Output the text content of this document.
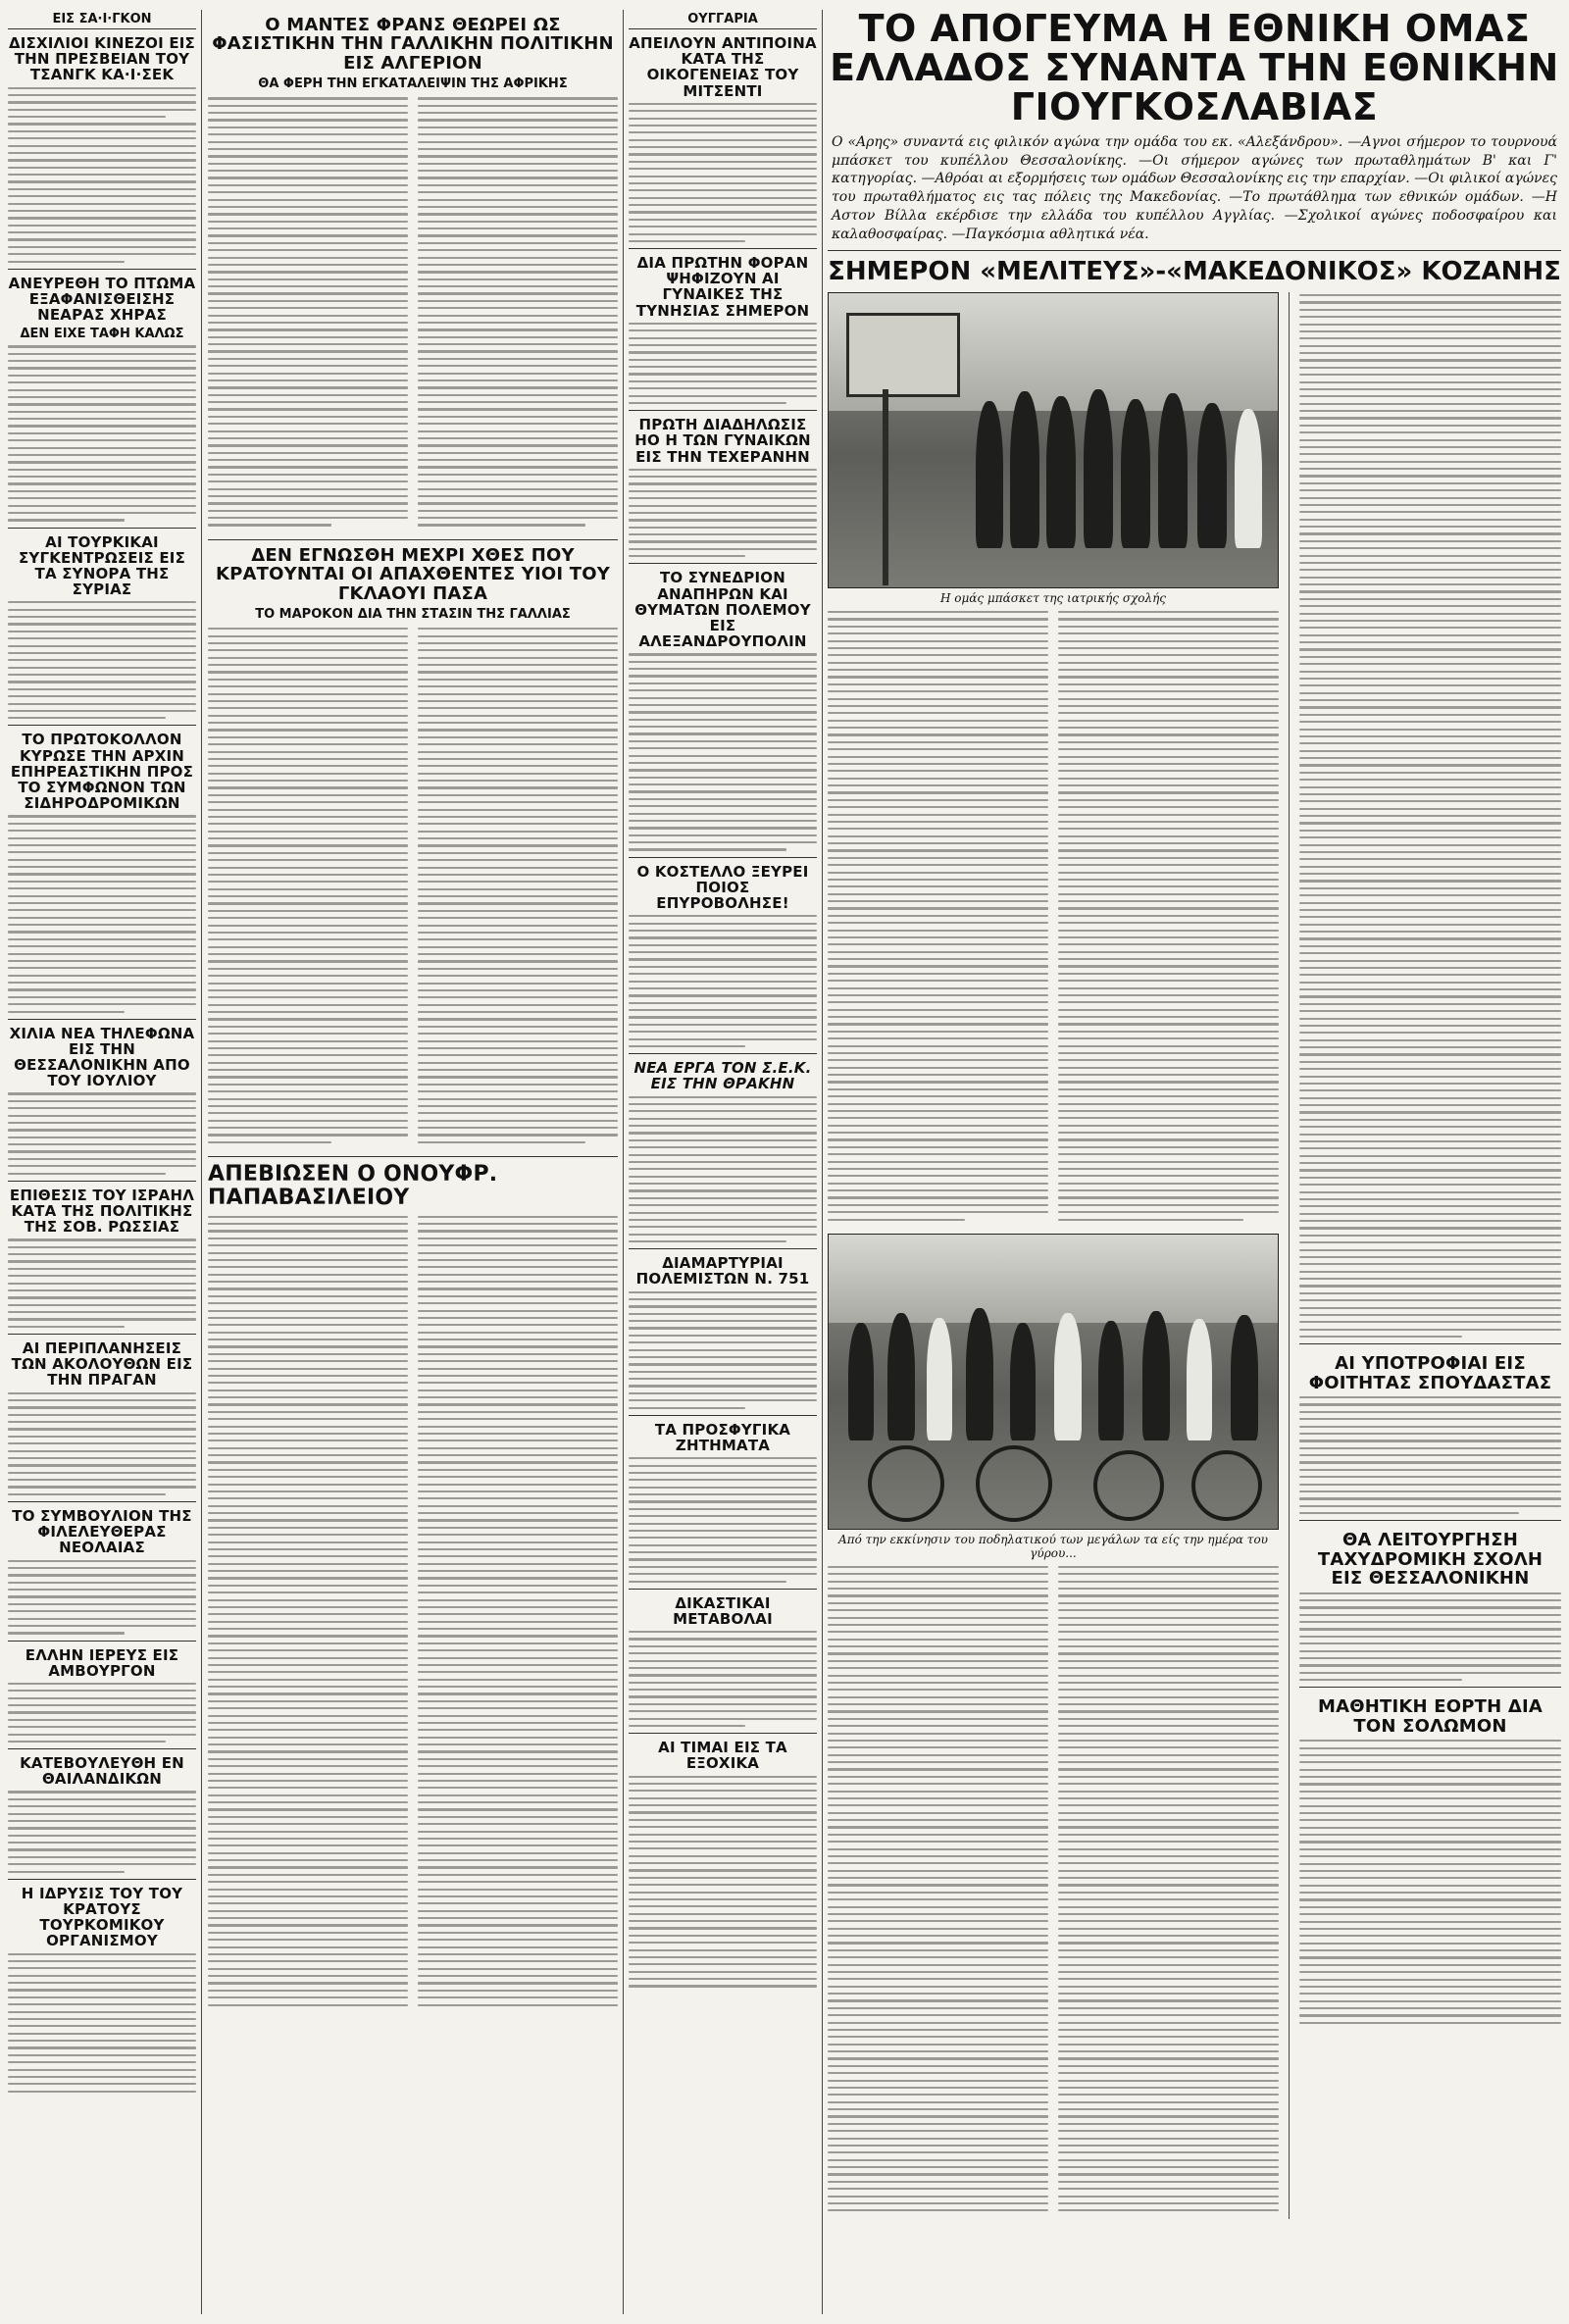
ΕΙΣ ΣΑ·Ι·ΓΚΟΝ
ΔΙΣΧΙΛΙΟΙ ΚΙΝΕΖΟΙ ΕΙΣ ΤΗΝ ΠΡΕΣΒΕΙΑΝ ΤΟΥ ΤΣΑΝΓΚ ΚΑ·Ι·ΣΕΚ
ΑΝΕΥΡΕΘΗ ΤΟ ΠΤΩΜΑ ΕΞΑΦΑΝΙΣΘΕΙΣΗΣ ΝΕΑΡΑΣ ΧΗΡΑΣ
ΔΕΝ ΕΙΧΕ ΤΑΦΗ ΚΑΛΩΣ
ΑΙ ΤΟΥΡΚΙΚΑΙ ΣΥΓΚΕΝΤΡΩΣΕΙΣ ΕΙΣ ΤΑ ΣΥΝΟΡΑ ΤΗΣ ΣΥΡΙΑΣ
ΤΟ ΠΡΩΤΟΚΟΛΛΟΝ ΚΥΡΩΣΕ ΤΗΝ ΑΡΧΙΝ ΕΠΗΡΕΑΣΤΙΚΗΝ ΠΡΟΣ ΤΟ ΣΥΜΦΩΝΟΝ ΤΩΝ ΣΙΔΗΡΟΔΡΟΜΙΚΩΝ
ΧΙΛΙΑ ΝΕΑ ΤΗΛΕΦΩΝΑ ΕΙΣ ΤΗΝ ΘΕΣΣΑΛΟΝΙΚΗΝ ΑΠΟ ΤΟΥ ΙΟΥΛΙΟΥ
ΕΠΙΘΕΣΙΣ ΤΟΥ ΙΣΡΑΗΛ ΚΑΤΑ ΤΗΣ ΠΟΛΙΤΙΚΗΣ ΤΗΣ ΣΟΒ. ΡΩΣΣΙΑΣ
ΑΙ ΠΕΡΙΠΛΑΝΗΣΕΙΣ ΤΩΝ ΑΚΟΛΟΥΘΩΝ ΕΙΣ ΤΗΝ ΠΡΑΓΑΝ
ΤΟ ΣΥΜΒΟΥΛΙΟΝ ΤΗΣ ΦΙΛΕΛΕΥΘΕΡΑΣ ΝΕΟΛΑΙΑΣ
ΕΛΛΗΝ ΙΕΡΕΥΣ ΕΙΣ ΑΜΒΟΥΡΓΟΝ
ΚΑΤΕΒΟΥΛΕΥΘΗ ΕΝ ΘΑΙΛΑΝΔΙΚΩΝ
Η ΙΔΡΥΣΙΣ ΤΟΥ ΤΟΥ ΚΡΑΤΟΥΣ ΤΟΥΡΚΟΜΙΚΟΥ ΟΡΓΑΝΙΣΜΟΥ
Ο ΜΑΝΤΕΣ ΦΡΑΝΣ ΘΕΩΡΕΙ ΩΣ ΦΑΣΙΣΤΙΚΗΝ ΤΗΝ ΓΑΛΛΙΚΗΝ ΠΟΛΙΤΙΚΗΝ ΕΙΣ ΑΛΓΕΡΙΟΝ
ΘΑ ΦΕΡΗ ΤΗΝ ΕΓΚΑΤΑΛΕΙΨΙΝ ΤΗΣ ΑΦΡΙΚΗΣ
ΔΕΝ ΕΓΝΩΣΘΗ ΜΕΧΡΙ ΧΘΕΣ ΠΟΥ ΚΡΑΤΟΥΝΤΑΙ ΟΙ ΑΠΑΧΘΕΝΤΕΣ ΥΙΟΙ ΤΟΥ ΓΚΛΑΟΥΙ ΠΑΣΑ
ΤΟ ΜΑΡΟΚΟΝ ΔΙΑ ΤΗΝ ΣΤΑΣΙΝ ΤΗΣ ΓΑΛΛΙΑΣ
ΑΠΕΒΙΩΣΕΝ Ο ΟΝΟΥΦΡ. ΠΑΠΑΒΑΣΙΛΕΙΟΥ
ΟΥΓΓΑΡΙΑ
ΑΠΕΙΛΟΥΝ ΑΝΤΙΠΟΙΝΑ ΚΑΤΑ ΤΗΣ ΟΙΚΟΓΕΝΕΙΑΣ ΤΟΥ ΜΙΤΣΕΝΤΙ
ΔΙΑ ΠΡΩΤΗΝ ΦΟΡΑΝ ΨΗΦΙΖΟΥΝ ΑΙ ΓΥΝΑΙΚΕΣ ΤΗΣ ΤΥΝΗΣΙΑΣ ΣΗΜΕΡΟΝ
ΠΡΩΤΗ ΔΙΑΔΗΛΩΣΙΣ ΗΟ Η ΤΩΝ ΓΥΝΑΙΚΩΝ ΕΙΣ ΤΗΝ ΤΕΧΕΡΑΝΗΝ
ΤΟ ΣΥΝΕΔΡΙΟΝ ΑΝΑΠΗΡΩΝ ΚΑΙ ΘΥΜΑΤΩΝ ΠΟΛΕΜΟΥ ΕΙΣ ΑΛΕΞΑΝΔΡΟΥΠΟΛΙΝ
Ο ΚΟΣΤΕΛΛΟ ΞΕΥΡΕΙ ΠΟΙΟΣ ΕΠΥΡΟΒΟΛΗΣΕ!
ΝΕΑ ΕΡΓΑ ΤΟΝ Σ.Ε.Κ. ΕΙΣ ΤΗΝ ΘΡΑΚΗΝ
ΔΙΑΜΑΡΤΥΡΙΑΙ ΠΟΛΕΜΙΣΤΩΝ Ν. 751
ΤΑ ΠΡΟΣΦΥΓΙΚΑ ΖΗΤΗΜΑΤΑ
ΔΙΚΑΣΤΙΚΑΙ ΜΕΤΑΒΟΛΑΙ
ΑΙ ΤΙΜΑΙ ΕΙΣ ΤΑ ΕΞΟΧΙΚΑ
ΤΟ ΑΠΟΓΕΥΜΑ Η ΕΘΝΙΚΗ ΟΜΑΣ ΕΛΛΑΔΟΣ ΣΥΝΑΝΤΑ ΤΗΝ ΕΘΝΙΚΗΝ ΓΙΟΥΓΚΟΣΛΑΒΙΑΣ
Ο «Αρης» συναντά εις φιλικόν αγώνα την ομάδα του εκ. «Αλεξάνδρου». —Αγνοι σήμερον το τουρνουά μπάσκετ του κυπέλλου Θεσσαλονίκης. —Οι σήμερον αγώνες των πρωταθλημάτων Β' και Γ' κατηγορίας. —Αθρόαι αι εξορμήσεις των ομάδων Θεσσαλονίκης εις την επαρχίαν. —Οι φιλικοί αγώνες του πρωταθλήματος εις τας πόλεις της Μακεδονίας. —Το πρωτάθλημα των εθνικών ομάδων. —Η Αστον Βίλλα εκέρδισε την ελλάδα του κυπέλλου Αγγλίας. —Σχολικοί αγώνες ποδοσφαίρου και καλαθοσφαίρας. —Παγκόσμια αθλητικά νέα.
ΣΗΜΕΡΟΝ «ΜΕΛΙΤΕΥΣ»-«ΜΑΚΕΔΟΝΙΚΟΣ» ΚΟΖΑΝΗΣ
Η ομάς μπάσκετ της ιατρικής σχολής
Από την εκκίνησιν του ποδηλατικού των μεγάλων τα είς την ημέρα του γύρου...
ΑΙ ΥΠΟΤΡΟΦΙΑΙ ΕΙΣ ΦΟΙΤΗΤΑΣ ΣΠΟΥΔΑΣΤΑΣ
ΘΑ ΛΕΙΤΟΥΡΓΗΣΗ ΤΑΧΥΔΡΟΜΙΚΗ ΣΧΟΛΗ ΕΙΣ ΘΕΣΣΑΛΟΝΙΚΗΝ
ΜΑΘΗΤΙΚΗ ΕΟΡΤΗ ΔΙΑ ΤΟΝ ΣΟΛΩΜΟΝ
